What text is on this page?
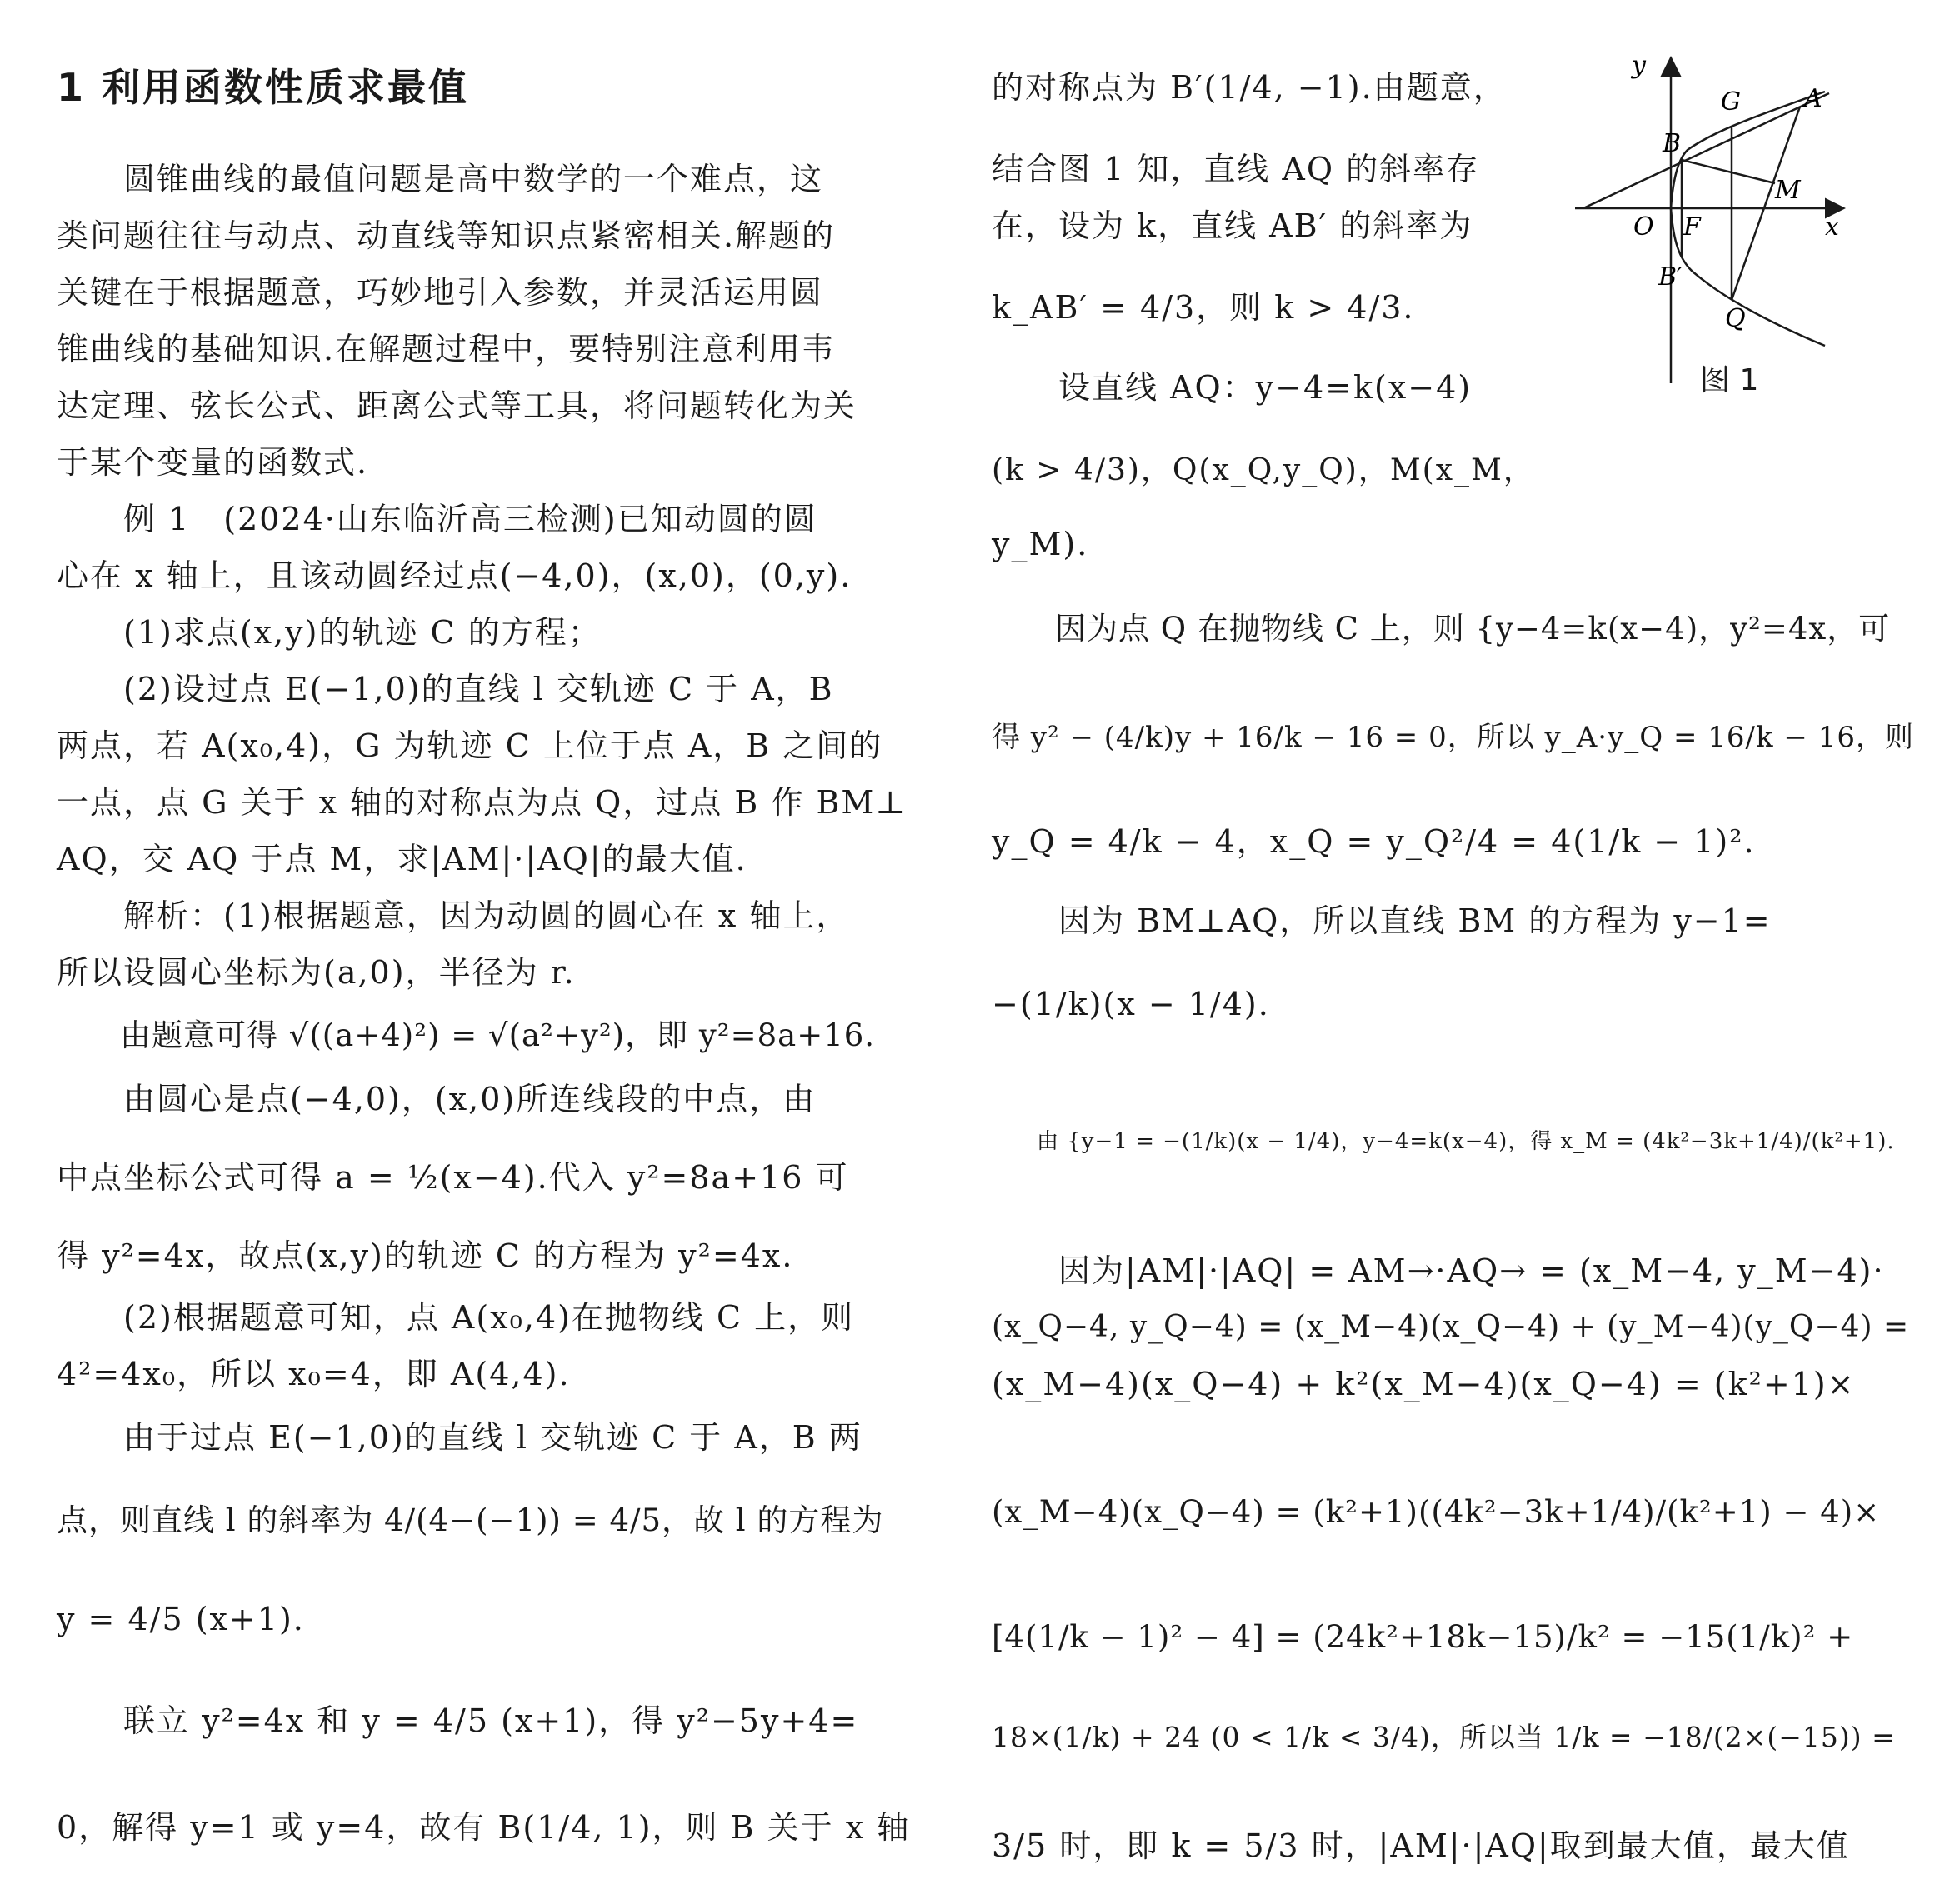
1 利用函数性质求最值
　　圆锥曲线的最值问题是高中数学的一个难点，这
类问题往往与动点、动直线等知识点紧密相关.解题的
关键在于根据题意，巧妙地引入参数，并灵活运用圆
锥曲线的基础知识.在解题过程中，要特别注意利用韦
达定理、弦长公式、距离公式等工具，将问题转化为关
于某个变量的函数式.
　　例 1　(2024·山东临沂高三检测)已知动圆的圆
心在 x 轴上，且该动圆经过点(−4,0)，(x,0)，(0,y).
　　(1)求点(x,y)的轨迹 C 的方程；
　　(2)设过点 E(−1,0)的直线 l 交轨迹 C 于 A，B
两点，若 A(x₀,4)，G 为轨迹 C 上位于点 A，B 之间的
一点，点 G 关于 x 轴的对称点为点 Q，过点 B 作 BM⊥
AQ，交 AQ 于点 M，求|AM|·|AQ|的最大值.
　　解析：(1)根据题意，因为动圆的圆心在 x 轴上，
所以设圆心坐标为(a,0)，半径为 r.
　　由题意可得 √((a+4)²) = √(a²+y²)，即 y²=8a+16.
　　由圆心是点(−4,0)，(x,0)所连线段的中点，由
中点坐标公式可得 a = ½(x−4).代入 y²=8a+16 可
得 y²=4x，故点(x,y)的轨迹 C 的方程为 y²=4x.
　　(2)根据题意可知，点 A(x₀,4)在抛物线 C 上，则
4²=4x₀，所以 x₀=4，即 A(4,4).
　　由于过点 E(−1,0)的直线 l 交轨迹 C 于 A，B 两
点，则直线 l 的斜率为 4/(4−(−1)) = 4/5，故 l 的方程为
y = 4/5 (x+1).
　　联立 y²=4x 和 y = 4/5 (x+1)，得 y²−5y+4=
0，解得 y=1 或 y=4，故有 B(1/4, 1)，则 B 关于 x 轴
的对称点为 B′(1/4, −1).由题意，
结合图 1 知，直线 AQ 的斜率存
在，设为 k，直线 AB′ 的斜率为
k_AB′ = 4/3，则 k > 4/3.
　　设直线 AQ：y−4=k(x−4)
(k > 4/3)，Q(x_Q,y_Q)，M(x_M，
y_M).
　　因为点 Q 在抛物线 C 上，则 {y−4=k(x−4)，y²=4x，可
得 y² − (4/k)y + 16/k − 16 = 0，所以 y_A·y_Q = 16/k − 16，则
y_Q = 4/k − 4，x_Q = y_Q²/4 = 4(1/k − 1)².
　　因为 BM⊥AQ，所以直线 BM 的方程为 y−1=
−(1/k)(x − 1/4).
　　由 {y−1 = −(1/k)(x − 1/4)，y−4=k(x−4)，得 x_M = (4k²−3k+1/4)/(k²+1).
　　因为|AM|·|AQ| = AM→·AQ→ = (x_M−4, y_M−4)·
(x_Q−4, y_Q−4) = (x_M−4)(x_Q−4) + (y_M−4)(y_Q−4) =
(x_M−4)(x_Q−4) + k²(x_M−4)(x_Q−4) = (k²+1)×
(x_M−4)(x_Q−4) = (k²+1)((4k²−3k+1/4)/(k²+1) − 4)×
[4(1/k − 1)² − 4] = (24k²+18k−15)/k² = −15(1/k)² +
18×(1/k) + 24 (0 < 1/k < 3/4)，所以当 1/k = −18/(2×(−15)) =
3/5 时，即 k = 5/3 时，|AM|·|AQ|取到最大值，最大值
y
x
O F
A
B
G
M
Q
B′
图 1
